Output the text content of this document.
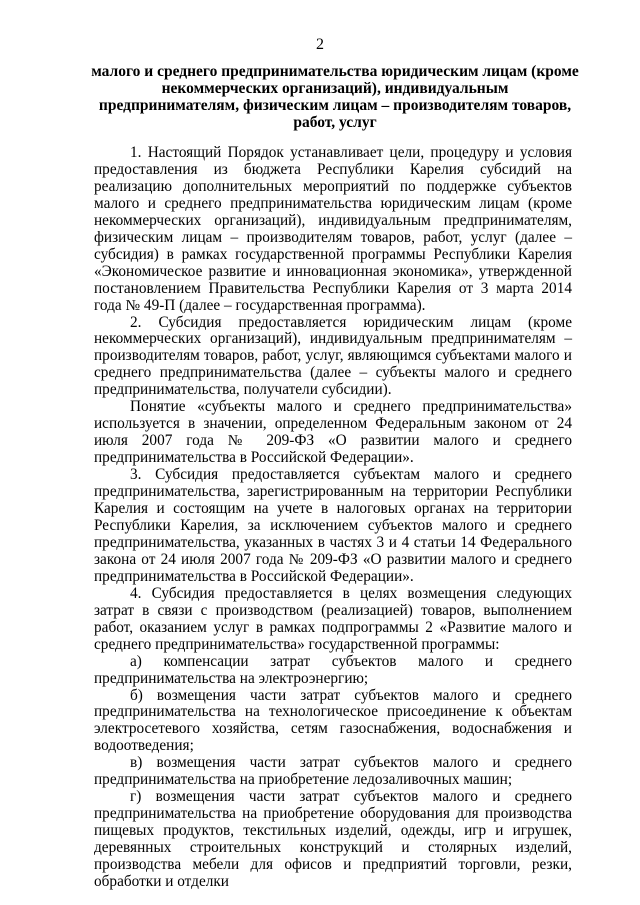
2
малого и среднего предпринимательства юридическим лицам (кроме некоммерческих организаций), индивидуальным предпринимателям, физическим лицам – производителям товаров, работ, услуг

1. Настоящий Порядок устанавливает цели, процедуру и условия предоставления из бюджета Республики Карелия субсидий на реализацию дополнительных мероприятий по поддержке субъектов малого и среднего предпринимательства юридическим лицам (кроме некоммерческих организаций), индивидуальным предпринимателям, физическим лицам – производителям товаров, работ, услуг (далее – субсидия) в рамках государственной программы Республики Карелия «Экономическое развитие и инновационная экономика», утвержденной постановлением Правительства Республики Карелия от 3 марта 2014 года № 49-П (далее – государственная программа).

2. Субсидия предоставляется юридическим лицам (кроме некоммерческих организаций), индивидуальным предпринимателям – производителям товаров, работ, услуг, являющимся субъектами малого и среднего предпринимательства (далее – субъекты малого и среднего предпринимательства, получатели субсидии).

Понятие «субъекты малого и среднего предпринимательства» используется в значении, определенном Федеральным законом от 24 июля 2007 года № 209-ФЗ «О развитии малого и среднего предпринимательства в Российской Федерации».

3. Субсидия предоставляется субъектам малого и среднего предпринимательства, зарегистрированным на территории Республики Карелия и состоящим на учете в налоговых органах на территории Республики Карелия, за исключением субъектов малого и среднего предпринимательства, указанных в частях 3 и 4 статьи 14 Федерального закона от 24 июля 2007 года № 209-ФЗ «О развитии малого и среднего предпринимательства в Российской Федерации».

4. Субсидия предоставляется в целях возмещения следующих затрат в связи с производством (реализацией) товаров, выполнением работ, оказанием услуг в рамках подпрограммы 2 «Развитие малого и среднего предпринимательства» государственной программы:

а) компенсации затрат субъектов малого и среднего предпринимательства на электроэнергию;

б) возмещения части затрат субъектов малого и среднего предпринимательства на технологическое присоединение к объектам электросетевого хозяйства, сетям газоснабжения, водоснабжения и водоотведения;

в) возмещения части затрат субъектов малого и среднего предпринимательства на приобретение ледозаливочных машин;

г) возмещения части затрат субъектов малого и среднего предпринимательства на приобретение оборудования для производства пищевых продуктов, текстильных изделий, одежды, игр и игрушек, деревянных строительных конструкций и столярных изделий, производства мебели для офисов и предприятий торговли, резки, обработки и отделки
